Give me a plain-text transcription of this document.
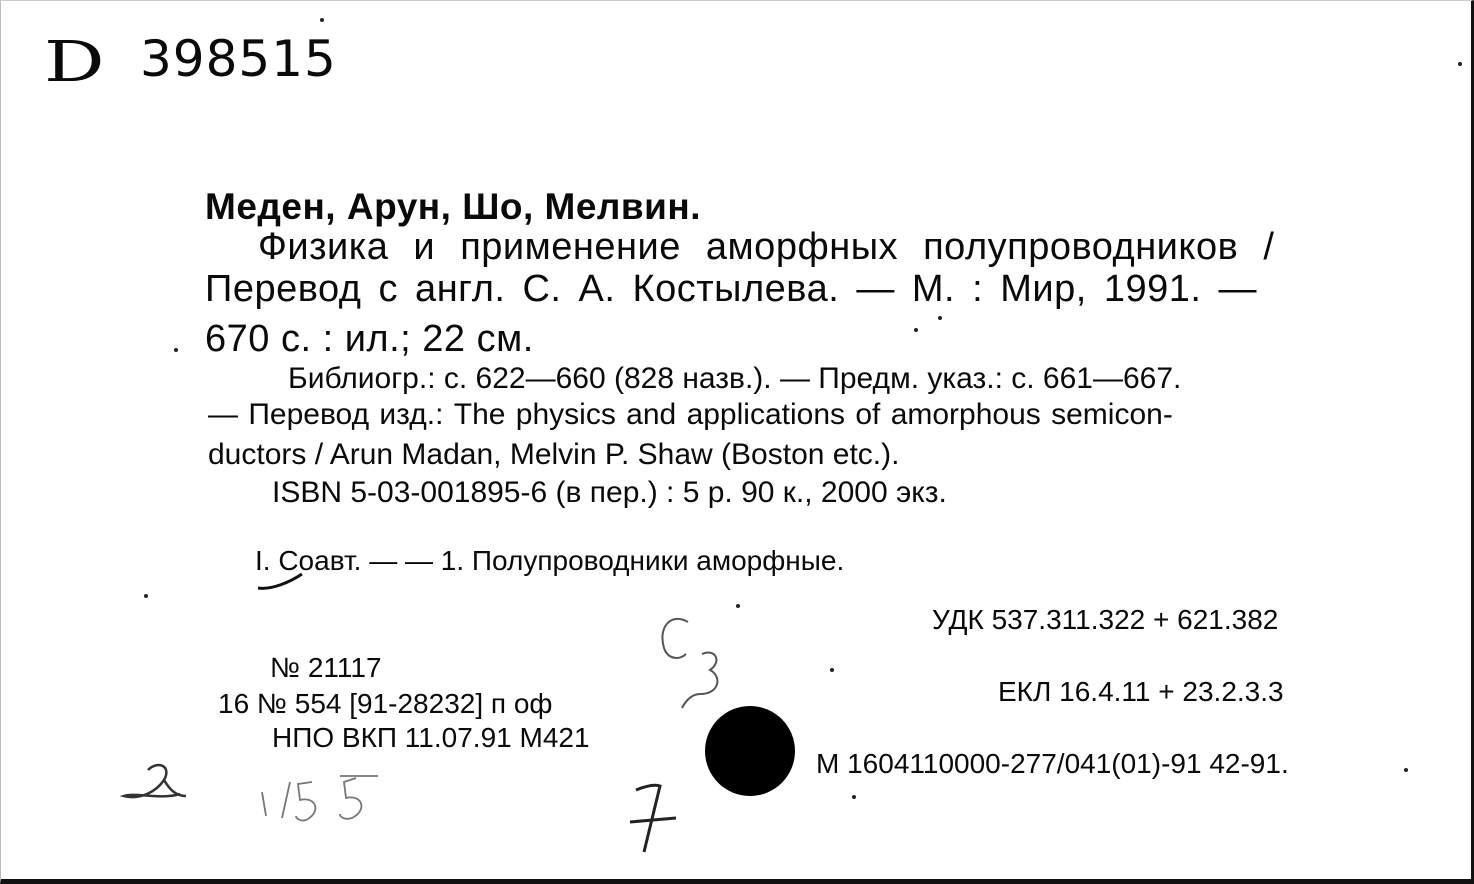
D 398515
Меден, Арун, Шо, Мелвин.
Физика и применение аморфных полупроводников /
Перевод с англ. С. А. Костылева. — М. : Мир, 1991. —
670 с. : ил.; 22 см.
Библиогр.: с. 622—660 (828 назв.). — Предм. указ.: с. 661—667.
— Перевод изд.: The physics and applications of amorphous semicon-
ductors / Arun Madan, Melvin P. Shaw (Boston etc.).
ISBN 5-03-001895-6 (в пер.) : 5 р. 90 к., 2000 экз.
I. Соавт. — — 1. Полупроводники аморфные.
УДК 537.311.322 + 621.382
ЕКЛ 16.4.11 + 23.2.3.3
М 1604110000-277/041(01)-91 42-91.
№ 21117
16 № 554 [91-28232] п оф
НПО ВКП 11.07.91 М421
